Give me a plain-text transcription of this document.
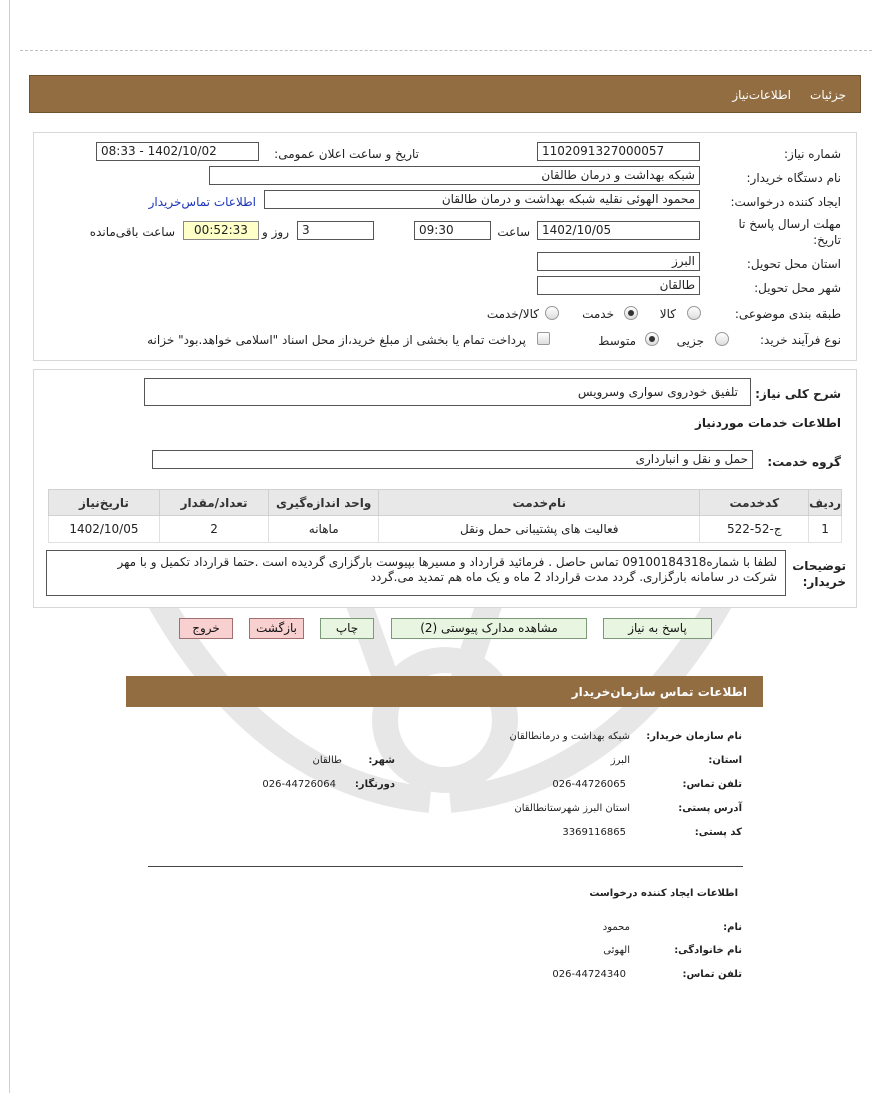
جزئیات     اطلاعات‌نیاز
شماره نیاز:
1102091327000057
تاریخ و ساعت اعلان عمومی:
1402/10/02 - 08:33
نام دستگاه خریدار:
شبکه بهداشت و درمان طالقان
ایجاد کننده درخواست:
محمود الهوئی نقلیه شبکه بهداشت و درمان طالقان
اطلاعات تماس‌خریدار
مهلت ارسال پاسخ تا
تاریخ:
1402/10/05
ساعت
09:30
3
روز و
00:52:33
ساعت باقی‌مانده
استان محل تحویل:
البرز
شهر محل تحویل:
طالقان
طبقه بندی موضوعی:
کالا
خدمت
کالا/خدمت
نوع فرآیند خرید:
جزیی
متوسط
پرداخت تمام یا بخشی از مبلغ خرید،از محل اسناد "اسلامی خواهد.بود" خزانه
شرح کلی نیاز:
تلفیق خودروی سواری وسرویس
اطلاعات خدمات موردنیاز
گروه خدمت:
حمل و نقل و انبارداری
ردیف	کدخدمت	نام‌خدمت	واحد اندازه‌گیری	تعداد/مقدار	تاریخ‌نیاز
1	ج-52-522	فعالیت های پشتیبانی حمل ونقل	ماهانه	2	1402/10/05
توضیحات
خریدار:
لطفا با شماره09100184318 تماس حاصل . فرمائید قرارداد و مسیرها بپیوست بارگزاری گردیده است .حتما قرارداد تکمیل و با مهر
شرکت در سامانه بارگزاری. گردد مدت قرارداد 2 ماه و یک ماه هم تمدید می.گردد
پاسخ به نیاز
مشاهده مدارک پیوستی (2)
چاپ
بازگشت
خروج
اطلاعات تماس سازمان‌خریدار
نام سازمان خریدار:
شبکه بهداشت و درمانطالقان
استان:
البرز
شهر:
طالقان
تلفن تماس:
026-44726065
دورنگار:
026-44726064
آدرس پستی:
استان البرز شهرستانطالقان
کد پستی:
3369116865
اطلاعات ایجاد کننده درخواست
نام:
محمود
نام خانوادگی:
الهوئی
تلفن تماس:
026-44724340
